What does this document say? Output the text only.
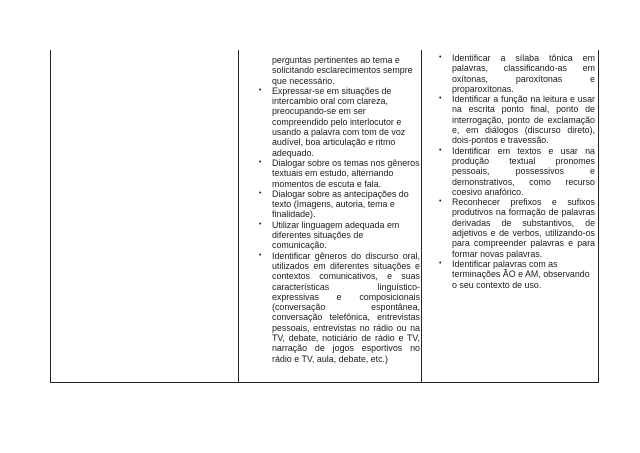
perguntas pertinentes ao tema e solicitando esclarecimentos sempre que necessário.
• Expressar-se em situações de intercambio oral com clareza, preocupando-se em ser compreendido pelo interlocutor e usando a palavra com tom de voz audível, boa articulação e ritmo adequado.
• Dialogar sobre os temas nos gêneros textuais em estudo, alternando momentos de escuta e fala.
• Dialogar sobre as antecipações do texto (Imagens, autoria, tema e finalidade).
• Utilizar linguagem adequada em diferentes situações de comunicação.
• Identificar gêneros do discurso oral, utilizados em diferentes situações e contextos comunicativos, e suas características linguístico-expressivas e composicionais (conversação espontânea, conversação telefônica, entrevistas pessoais, entrevistas no rádio ou na TV, debate, noticiário de rádio e TV, narração de jogos esportivos no rádio e TV, aula, debate, etc.)
• Identificar a sílaba tônica em palavras, classificando-as em oxítonas, paroxítonas e proparoxítonas.
• Identificar a função na leitura e usar na escrita ponto final, ponto de interrogação, ponto de exclamação e, em diálogos (discurso direto), dois-pontos e travessão.
• Identificar em textos e usar na produção textual pronomes pessoais, possessivos e demonstrativos, como recurso coesivo anafórico.
• Reconhecer prefixos e sufixos produtivos na formação de palavras derivadas de substantivos, de adjetivos e de verbos, utilizando-os para compreender palavras e para formar novas palavras.
• Identificar palavras com as terminações ÃO e AM, observando o seu contexto de uso.
